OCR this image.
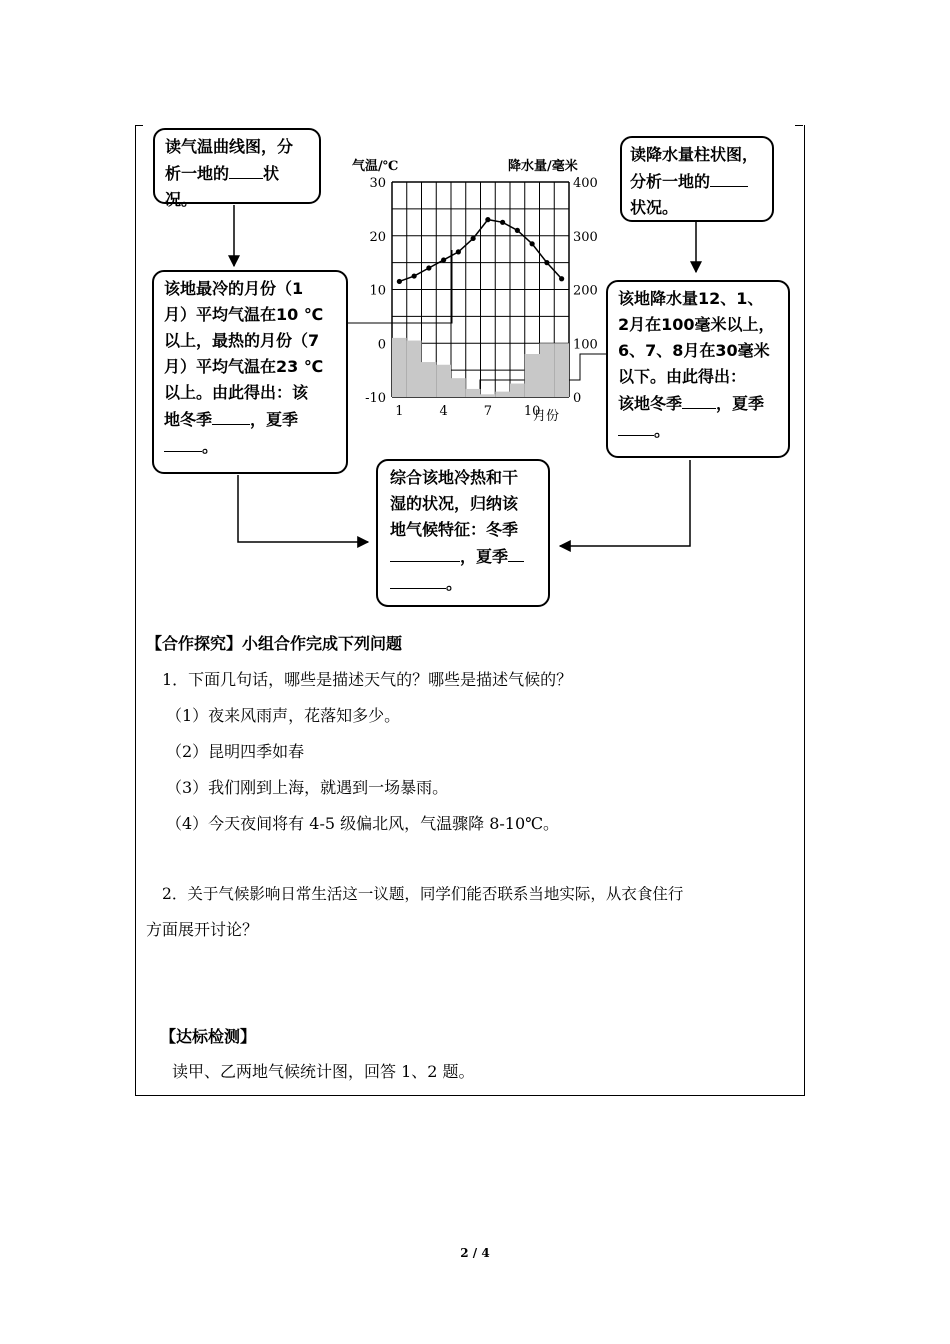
读气温曲线图，分
析一地的 状况。
读降水量柱状图，
分析一地的
状况。
该地最冷的月份（1
月）平均气温在10 ℃
以上，最热的月份（7
月）平均气温在23 ℃
以上。由此得出：该
地冬季 ，夏季
。
该地降水量12、1、
2月在100毫米以上，
6、7、8月在30毫米
以下。由此得出：
该地冬季 ，夏季
。
综合该地冷热和干
湿的状况，归纳该
地气候特征：冬季
，夏季
。
气温/℃	降水量/毫米
月份
30
20
10
0
-10
400
300
200
100
0
1	4	7 10
【合作探究】小组合作完成下列问题
1．下面几句话，哪些是描述天气的？哪些是描述气候的？
（1）夜来风雨声，花落知多少。
（2）昆明四季如春
（3）我们刚到上海，就遇到一场暴雨。
（4）今天夜间将有 4-5 级偏北风，气温骤降 8-10℃。
2．关于气候影响日常生活这一议题，同学们能否联系当地实际，从衣食住行
方面展开讨论？
【达标检测】
读甲、乙两地气候统计图，回答 1、2 题。
2 / 4
